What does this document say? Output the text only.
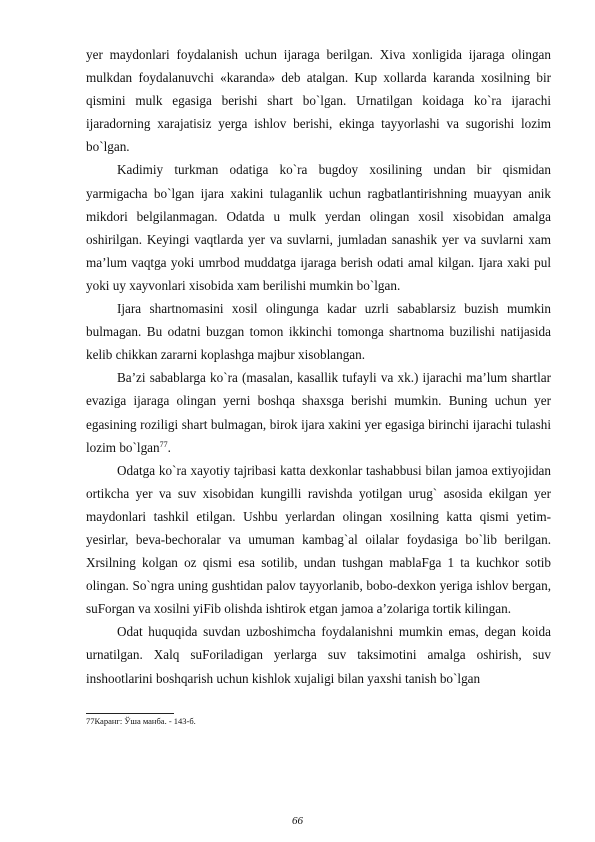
yer maydonlari foydalanish uchun ijaraga berilgan. Xiva xonligida ijaraga olingan mulkdan foydalanuvchi «karanda» deb atalgan. Kup xollarda karanda xosilning bir qismini mulk egasiga berishi shart bo`lgan. Urnatilgan koidaga ko`ra ijarachi ijaradorning xarajatisiz yerga ishlov berishi, ekinga tayyorlashi va sugorishi lozim bo`lgan.

Kadimiy turkman odatiga ko`ra bugdoy xosilining undan bir qismidan yarmigacha bo`lgan ijara xakini tulaganlik uchun ragbatlantirishning muayyan anik mikdori belgilanmagan. Odatda u mulk yerdan olingan xosil xisobidan amalga oshirilgan. Keyingi vaqtlarda yer va suvlarni, jumladan sanashik yer va suvlarni xam ma’lum vaqtga yoki umrbod muddatga ijaraga berish odati amal kilgan. Ijara xaki pul yoki uy xayvonlari xisobida xam berilishi mumkin bo`lgan.

Ijara shartnomasini xosil olingunga kadar uzrli sabablarsiz buzish mumkin bulmagan. Bu odatni buzgan tomon ikkinchi tomonga shartnoma buzilishi natijasida kelib chikkan zararni koplashga majbur xisoblangan.

Ba’zi sabablarga ko`ra (masalan, kasallik tufayli va xk.) ijarachi ma’lum shartlar evaziga ijaraga olingan yerni boshqa shaxsga berishi mumkin. Buning uchun yer egasining roziligi shart bulmagan, birok ijara xakini yer egasiga birinchi ijarachi tulashi lozim bo`lgan$^{77}$.

Odatga ko`ra xayotiy tajribasi katta dexkonlar tashabbusi bilan jamoa extiyojidan ortikcha yer va suv xisobidan kungilli ravishda yotilgan urug` asosida ekilgan yer maydonlari tashkil etilgan. Ushbu yerlardan olingan xosilning katta qismi yetim-yesirlar, beva-bechoralar va umuman kambag`al oilalar foydasiga bo`lib berilgan. Xrsilning kolgan oz qismi esa sotilib, undan tushgan mablaFga 1 ta kuchkor sotib olingan. So`ngra uning gushtidan palov tayyorlanib, bobo-dexkon yeriga ishlov bergan, suForgan va xosilni yiFib olishda ishtirok etgan jamoa a’zolariga tortik kilingan.

Odat huquqida suvdan uzboshimcha foydalanishni mumkin emas, degan koida urnatilgan. Xalq suForiladigan yerlarga suv taksimotini amalga oshirish, suv inshootlarini boshqarish uchun kishlok xujaligi bilan yaxshi tanish bo`lgan

77Каранг: Ўша манба. - 143-б.
66
